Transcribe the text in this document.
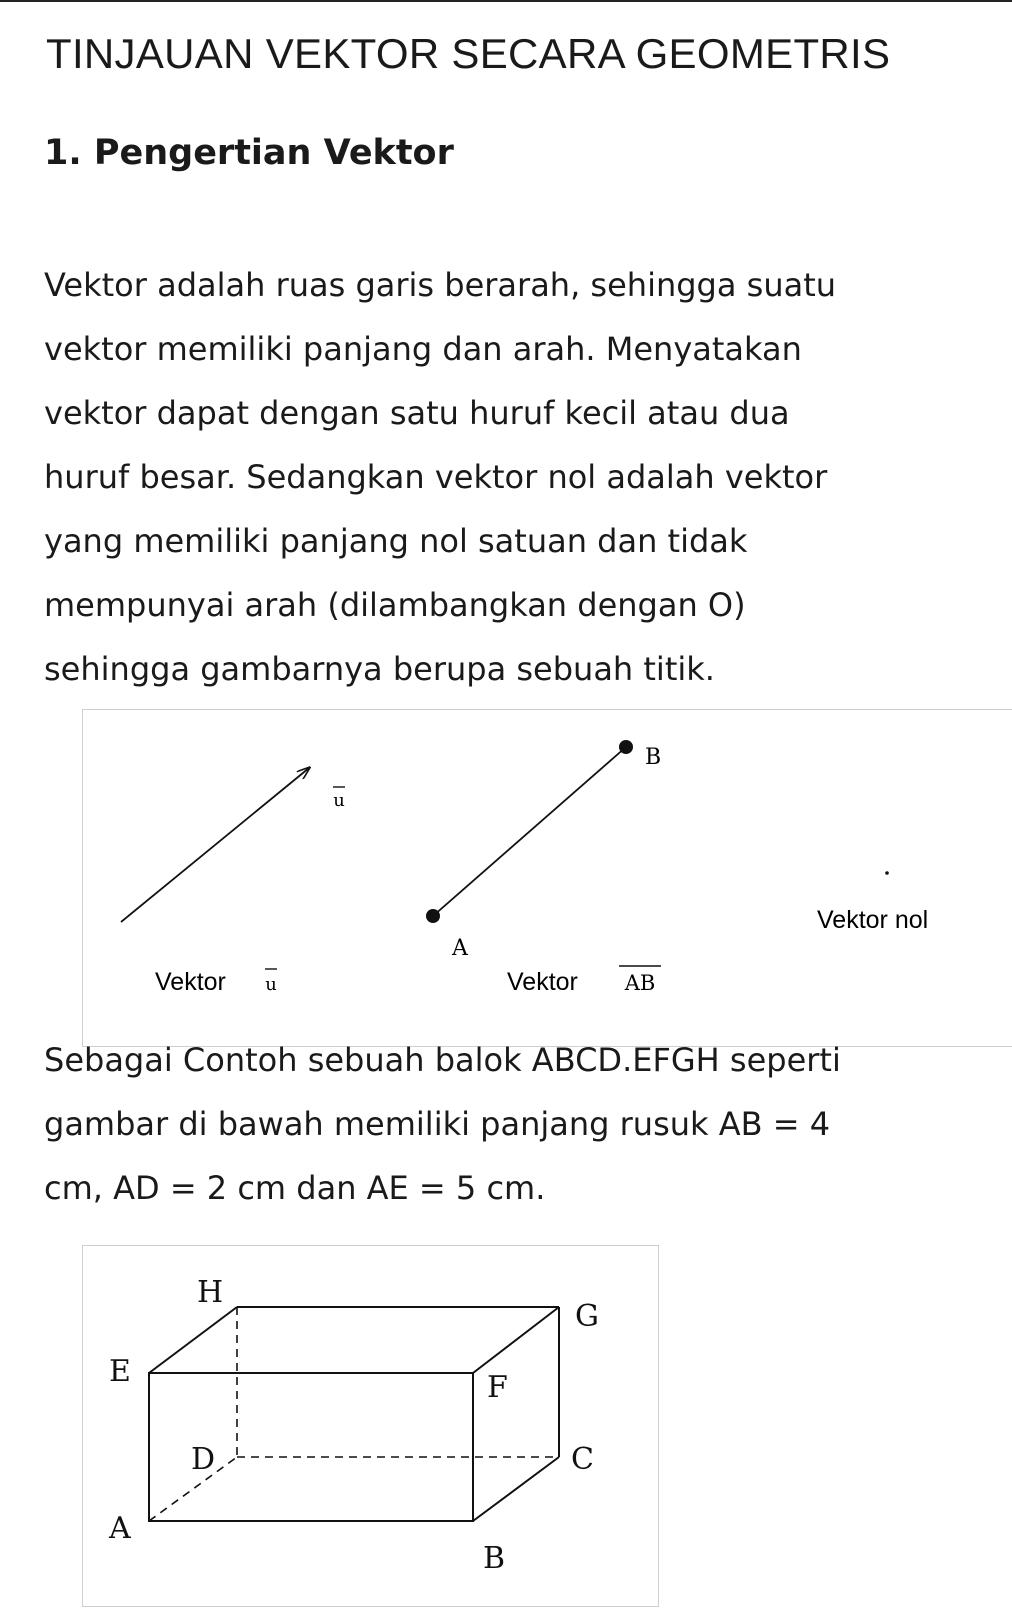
TINJAUAN VEKTOR SECARA GEOMETRIS
1. Pengertian Vektor
Vektor adalah ruas garis berarah, sehingga suatu
vektor memiliki panjang dan arah. Menyatakan
vektor dapat dengan satu huruf kecil atau dua
huruf besar. Sedangkan vektor nol adalah vektor
yang memiliki panjang nol satuan dan tidak
mempunyai arah (dilambangkan dengan O)
sehingga gambarnya berupa sebuah titik.
u
Vektor u
B
A
Vektor AB
Vektor nol
Sebagai Contoh sebuah balok ABCD.EFGH seperti
gambar di bawah memiliki panjang rusuk AB = 4
cm, AD = 2 cm dan AE = 5 cm.
H
G
E	F
D	C
A
B
